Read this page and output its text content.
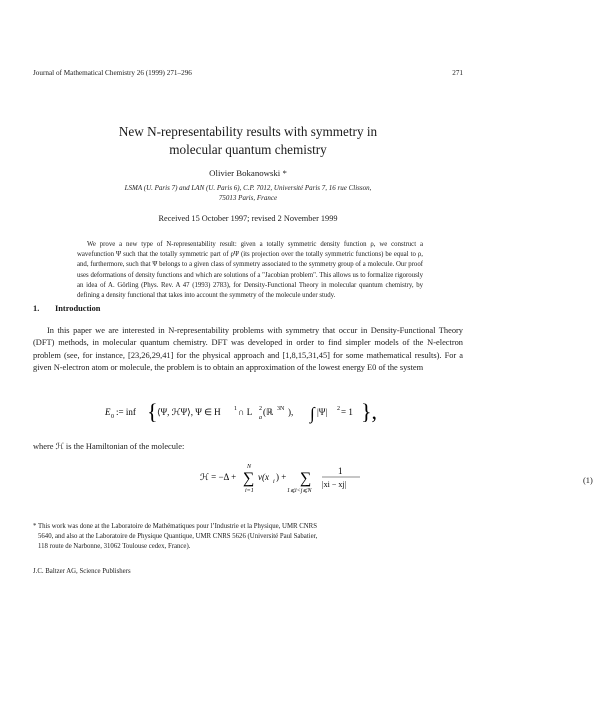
Journal of Mathematical Chemistry 26 (1999) 271–296	271
New N-representability results with symmetry in
molecular quantum chemistry
Olivier Bokanowski *
LSMA (U. Paris 7) and LAN (U. Paris 6), C.P. 7012, Université Paris 7, 16 rue Clisson,
75013 Paris, France
Received 15 October 1997; revised 2 November 1999

We prove a new type of N-representability result: given a totally symmetric density function ρ, we construct a wavefunction Ψ such that the totally symmetric part of ρΨ (its projection over the totally symmetric functions) be equal to ρ, and, furthermore, such that Ψ belongs to a given class of symmetry associated to the symmetry group of a molecule. Our proof uses deformations of density functions and which are solutions of a "Jacobian problem". This allows us to formalize rigorously an idea of A. Görling (Phys. Rev. A 47 (1993) 2783), for Density-Functional Theory in molecular quantum chemistry, by defining a density functional that takes into account the symmetry of the molecule under study.

1. Introduction

In this paper we are interested in N-representability problems with symmetry that occur in Density-Functional Theory (DFT) methods, in molecular quantum chemistry. DFT was developed in order to find simpler models of the N-electron problem (see, for instance, [23,26,29,41] for the physical approach and [1,8,15,31,45] for some mathematical results). For a given N-electron atom or molecule, the problem is to obtain an approximation of the lowest energy E0 of the system

E 0 := inf { ⟨Ψ, ℋΨ⟩, Ψ ∈ H 1 ∩ L 2
a
(ℝ 3N ), ∫ |Ψ| 2 = 1 },
where ℋ is the Hamiltonian of the molecule:
ℋ = −Δ +
N
∑
i=1
v(x i ) + ∑
1⩽i<j⩽N
1
|xi − xj|	(1)

* This work was done at the Laboratoire de Mathématiques pour l’Industrie et la Physique, UMR CNRS

5640, and also at the Laboratoire de Physique Quantique, UMR CNRS 5626 (Université Paul Sabatier,

118 route de Narbonne, 31062 Toulouse cedex, France).

J.C. Baltzer AG, Science Publishers
